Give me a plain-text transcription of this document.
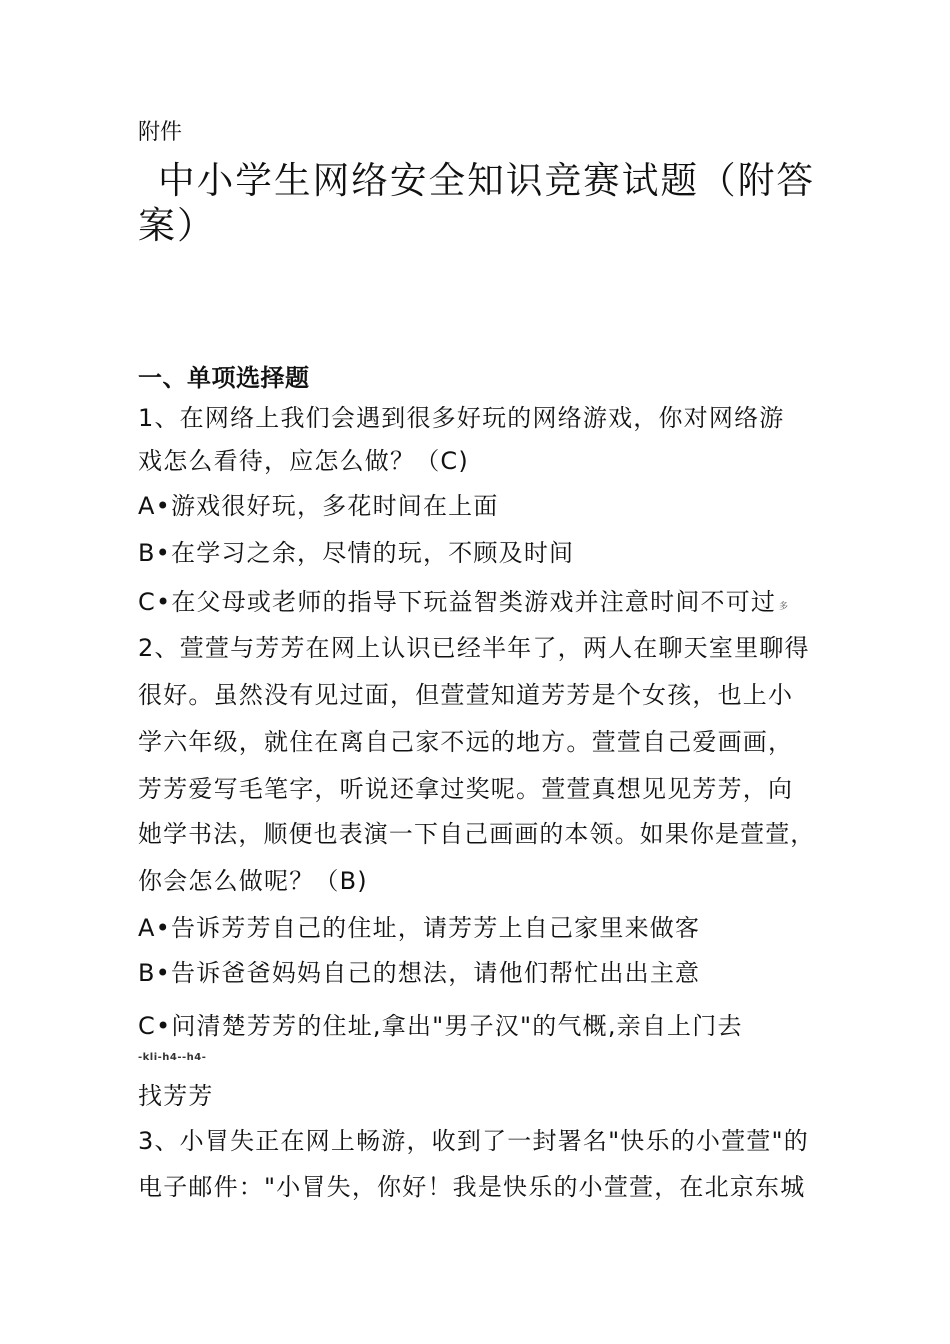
附件
中小学生网络安全知识竞赛试题（附答
案）
一、单项选择题
1、在网络上我们会遇到很多好玩的网络游戏，你对网络游
戏怎么看待，应怎么做？（C)
A•游戏很好玩，多花时间在上面
B•在学习之余，尽情的玩，不顾及时间
C•在父母或老师的指导下玩益智类游戏并注意时间不可过 多
2、萱萱与芳芳在网上认识已经半年了，两人在聊天室里聊得
很好。虽然没有见过面，但萱萱知道芳芳是个女孩，也上小
学六年级，就住在离自己家不远的地方。萱萱自己爱画画，
芳芳爱写毛笔字，听说还拿过奖呢。萱萱真想见见芳芳，向
她学书法，顺便也表演一下自己画画的本领。如果你是萱萱，
你会怎么做呢？（B)
A•告诉芳芳自己的住址，请芳芳上自己家里来做客
B•告诉爸爸妈妈自己的想法，请他们帮忙出出主意
C•问清楚芳芳的住址,拿出"男子汉"的气概,亲自上门去
-kli-h4--h4-
找芳芳
3、小冒失正在网上畅游，收到了一封署名"快乐的小萱萱"的
电子邮件："小冒失，你好！我是快乐的小萱萱，在北京东城
